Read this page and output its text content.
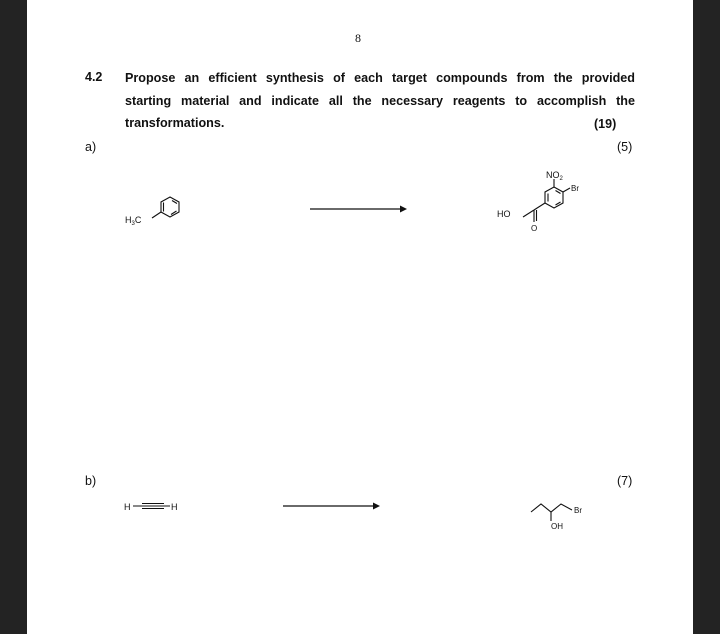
8
4.2 Propose an efficient synthesis of each target compounds from the provided
starting material and indicate all the necessary reagents to accomplish the
transformations.	(19)
a)	(5)
$H_3C$
$NO_2$
Br
HO
O
b)	(7)
H	H	Br
OH
